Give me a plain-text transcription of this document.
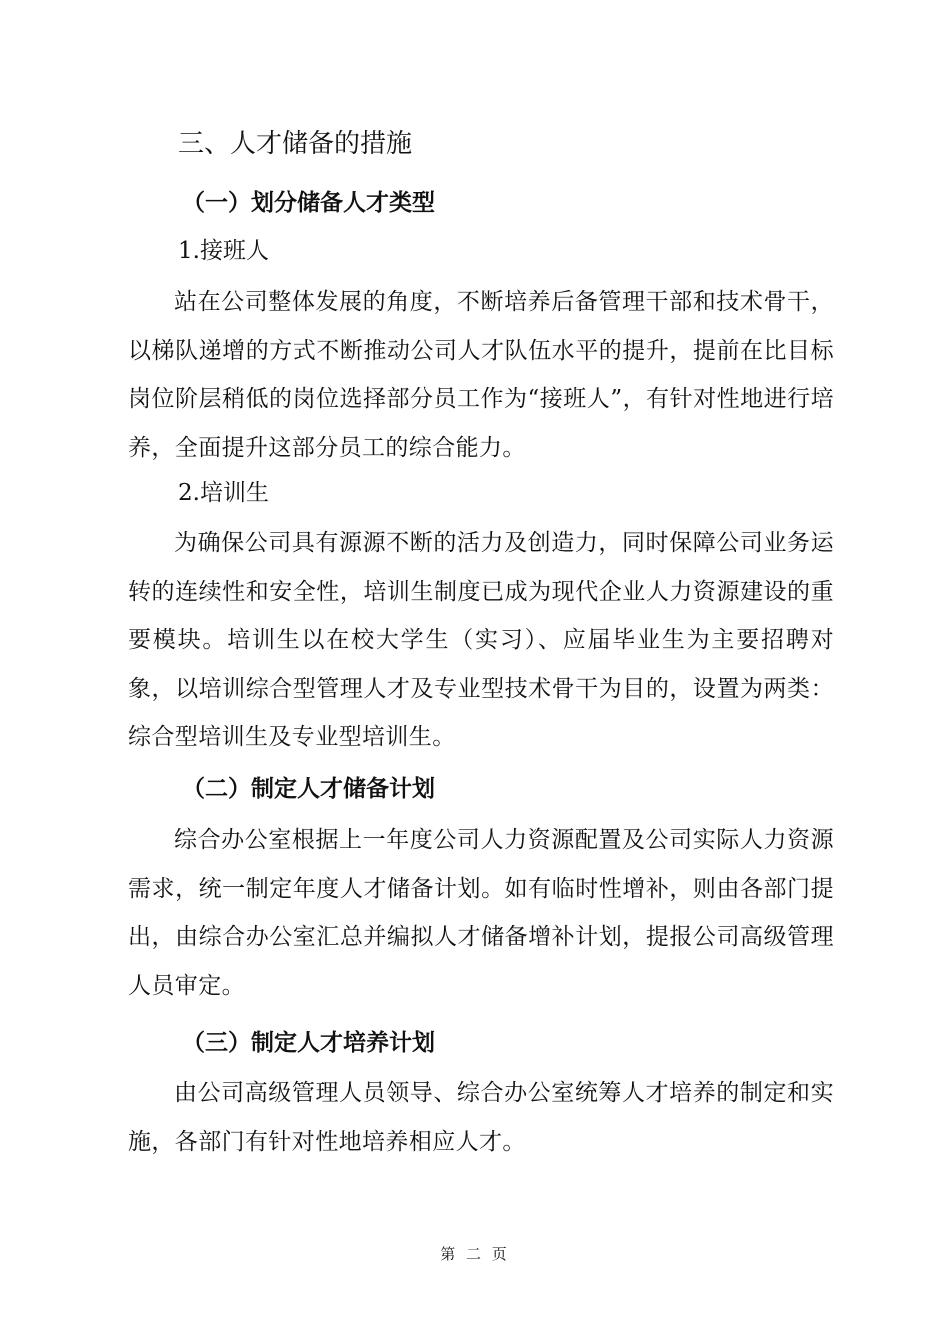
三、人才储备的措施
（一）划分储备人才类型
1.接班人

站在公司整体发展的角度，不断培养后备管理干部和技术骨干，以梯队递增的方式不断推动公司人才队伍水平的提升，提前在比目标岗位阶层稍低的岗位选择部分员工作为“接班人”，有针对性地进行培养，全面提升这部分员工的综合能力。

2.培训生

为确保公司具有源源不断的活力及创造力，同时保障公司业务运转的连续性和安全性，培训生制度已成为现代企业人力资源建设的重要模块。培训生以在校大学生（实习）、应届毕业生为主要招聘对象，以培训综合型管理人才及专业型技术骨干为目的，设置为两类：综合型培训生及专业型培训生。

（二）制定人才储备计划

综合办公室根据上一年度公司人力资源配置及公司实际人力资源需求，统一制定年度人才储备计划。如有临时性增补，则由各部门提出，由综合办公室汇总并编拟人才储备增补计划，提报公司高级管理人员审定。

（三）制定人才培养计划

由公司高级管理人员领导、综合办公室统筹人才培养的制定和实施，各部门有针对性地培养相应人才。

第 二 页
